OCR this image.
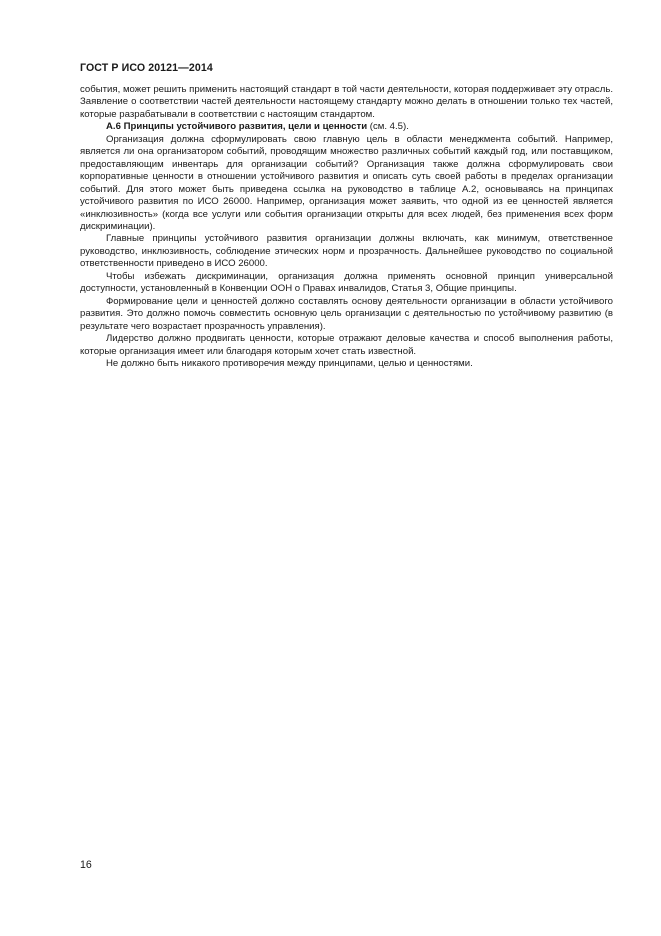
ГОСТ Р ИСО 20121—2014

события, может решить применить настоящий стандарт в той части деятельности, которая поддерживает эту отрасль. Заявление о соответствии частей деятельности настоящему стандарту можно делать в отношении только тех частей, которые разрабатывали в соответствии с настоящим стандартом.

А.6 Принципы устойчивого развития, цели и ценности (см. 4.5).

Организация должна сформулировать свою главную цель в области менеджмента событий. Например, является ли она организатором событий, проводящим множество различных событий каждый год, или поставщиком, предоставляющим инвентарь для организации событий? Организация также должна сформулировать свои корпоративные ценности в отношении устойчивого развития и описать суть своей работы в пределах организации событий. Для этого может быть приведена ссылка на руководство в таблице А.2, основываясь на принципах устойчивого развития по ИСО 26000. Например, организация может заявить, что одной из ее ценностей является «инклюзивность» (когда все услуги или события организации открыты для всех людей, без применения всех форм дискриминации).

Главные принципы устойчивого развития организации должны включать, как минимум, ответственное руководство, инклюзивность, соблюдение этических норм и прозрачность. Дальнейшее руководство по социальной ответственности приведено в ИСО 26000.

Чтобы избежать дискриминации, организация должна применять основной принцип универсальной доступности, установленный в Конвенции ООН о Правах инвалидов, Статья 3, Общие принципы.

Формирование цели и ценностей должно составлять основу деятельности организации в области устойчивого развития. Это должно помочь совместить основную цель организации с деятельностью по устойчивому развитию (в результате чего возрастает прозрачность управления).

Лидерство должно продвигать ценности, которые отражают деловые качества и способ выполнения работы, которые организация имеет или благодаря которым хочет стать известной.

Не должно быть никакого противоречия между принципами, целью и ценностями.

16
